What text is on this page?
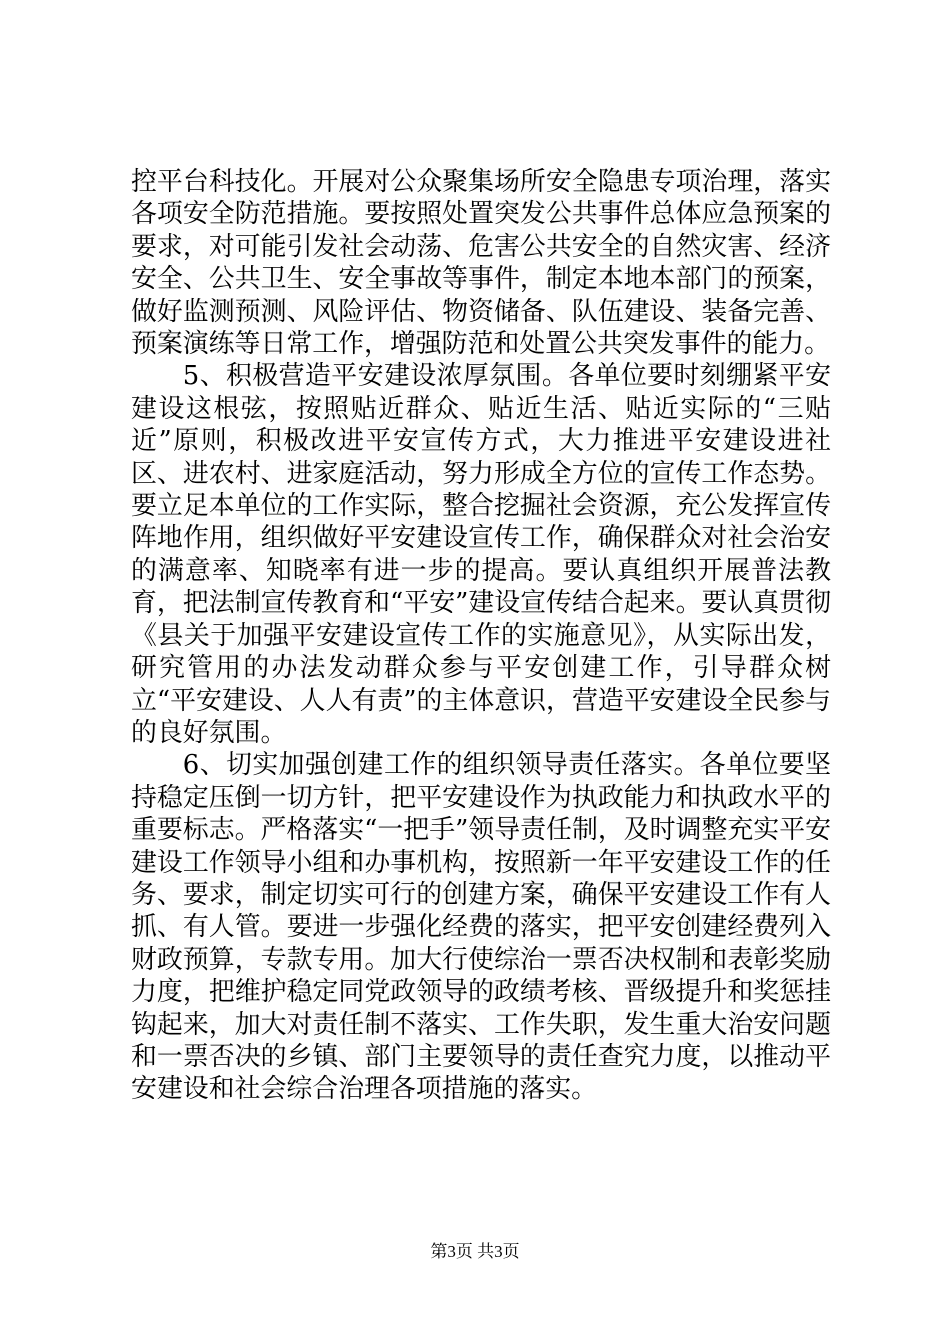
控平台科技化。开展对公众聚集场所安全隐患专项治理，落实各项安全防范措施。要按照处置突发公共事件总体应急预案的要求，对可能引发社会动荡、危害公共安全的自然灾害、经济安全、公共卫生、安全事故等事件，制定本地本部门的预案，做好监测预测、风险评估、物资储备、队伍建设、装备完善、预案演练等日常工作，增强防范和处置公共突发事件的能力。

5、积极营造平安建设浓厚氛围。各单位要时刻绷紧平安建设这根弦，按照贴近群众、贴近生活、贴近实际的“三贴近”原则，积极改进平安宣传方式，大力推进平安建设进社区、进农村、进家庭活动，努力形成全方位的宣传工作态势。要立足本单位的工作实际，整合挖掘社会资源，充公发挥宣传阵地作用，组织做好平安建设宣传工作，确保群众对社会治安的满意率、知晓率有进一步的提高。要认真组织开展普法教育，把法制宣传教育和“平安”建设宣传结合起来。要认真贯彻《县关于加强平安建设宣传工作的实施意见》，从实际出发，研究管用的办法发动群众参与平安创建工作，引导群众树立“平安建设、人人有责”的主体意识，营造平安建设全民参与的良好氛围。

6、切实加强创建工作的组织领导责任落实。各单位要坚持稳定压倒一切方针，把平安建设作为执政能力和执政水平的重要标志。严格落实“一把手”领导责任制，及时调整充实平安建设工作领导小组和办事机构，按照新一年平安建设工作的任务、要求，制定切实可行的创建方案，确保平安建设工作有人抓、有人管。要进一步强化经费的落实，把平安创建经费列入财政预算，专款专用。加大行使综治一票否决权制和表彰奖励力度，把维护稳定同党政领导的政绩考核、晋级提升和奖惩挂钩起来，加大对责任制不落实、工作失职，发生重大治安问题和一票否决的乡镇、部门主要领导的责任查究力度，以推动平安建设和社会综合治理各项措施的落实。

第3页 共3页
